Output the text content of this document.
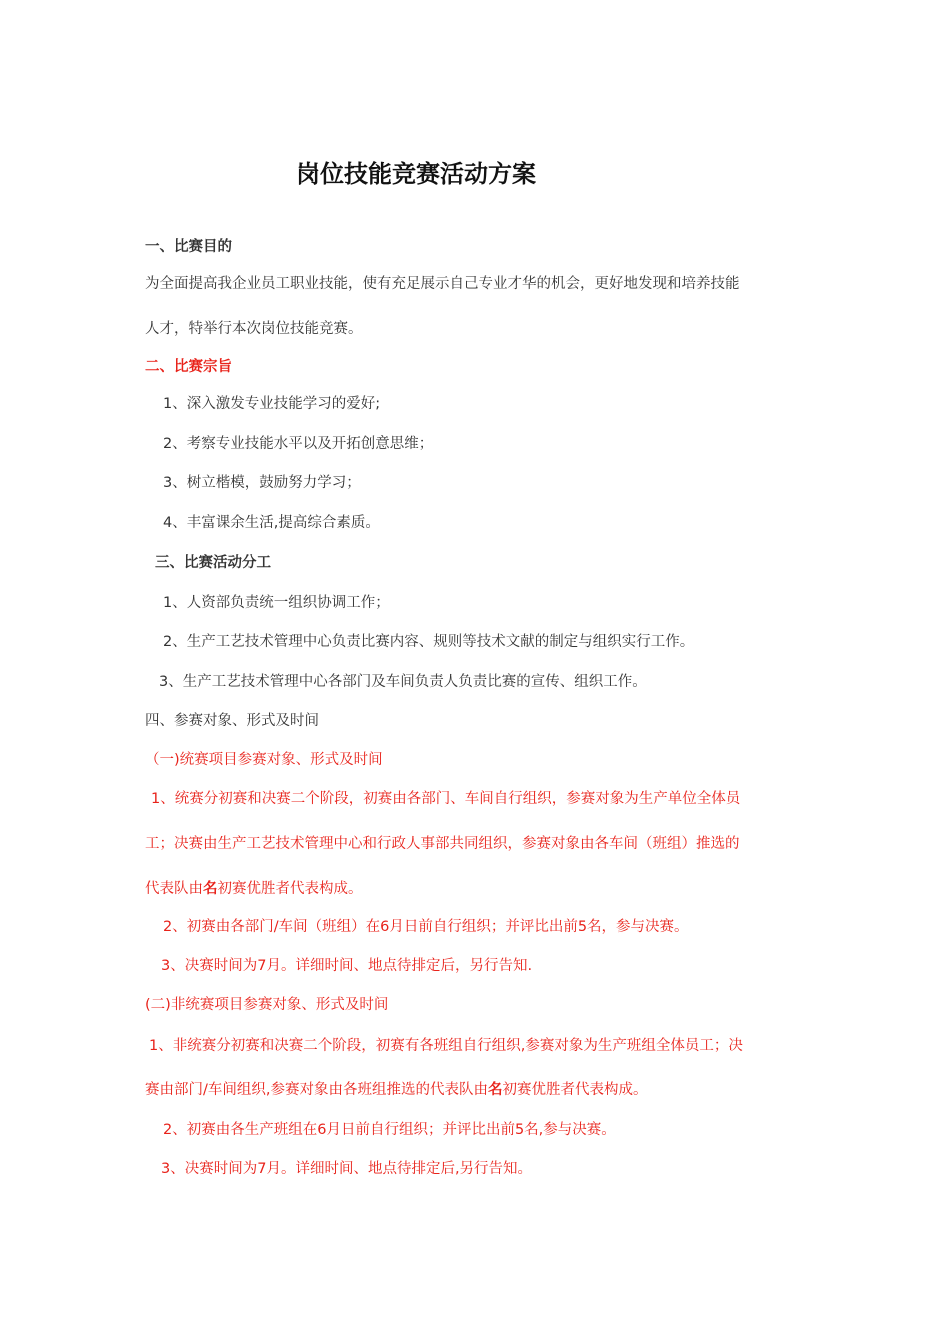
岗位技能竞赛活动方案
一、比赛目的
为全面提高我企业员工职业技能，使有充足展示自己专业才华的机会，更好地发现和培养技能
人才，特举行本次岗位技能竞赛。
二、比赛宗旨
1、深入激发专业技能学习的爱好;
2、考察专业技能水平以及开拓创意思维；
3、树立楷模，鼓励努力学习；
4、丰富课余生活,提高综合素质。
三、比赛活动分工
1、人资部负责统一组织协调工作；
2、生产工艺技术管理中心负责比赛内容、规则等技术文献的制定与组织实行工作。
3、生产工艺技术管理中心各部门及车间负责人负责比赛的宣传、组织工作。
四、参赛对象、形式及时间
（一)统赛项目参赛对象、形式及时间
1、统赛分初赛和决赛二个阶段，初赛由各部门、车间自行组织，参赛对象为生产单位全体员
工；决赛由生产工艺技术管理中心和行政人事部共同组织，参赛对象由各车间（班组）推选的
代表队由名初赛优胜者代表构成。
2、初赛由各部门/车间（班组）在6月日前自行组织；并评比出前5名，参与决赛。
3、决赛时间为7月。详细时间、地点待排定后，另行告知.
(二)非统赛项目参赛对象、形式及时间
1、非统赛分初赛和决赛二个阶段，初赛有各班组自行组织,参赛对象为生产班组全体员工；决
赛由部门/车间组织,参赛对象由各班组推选的代表队由名初赛优胜者代表构成。
2、初赛由各生产班组在6月日前自行组织；并评比出前5名,参与决赛。
3、决赛时间为7月。详细时间、地点待排定后,另行告知。
